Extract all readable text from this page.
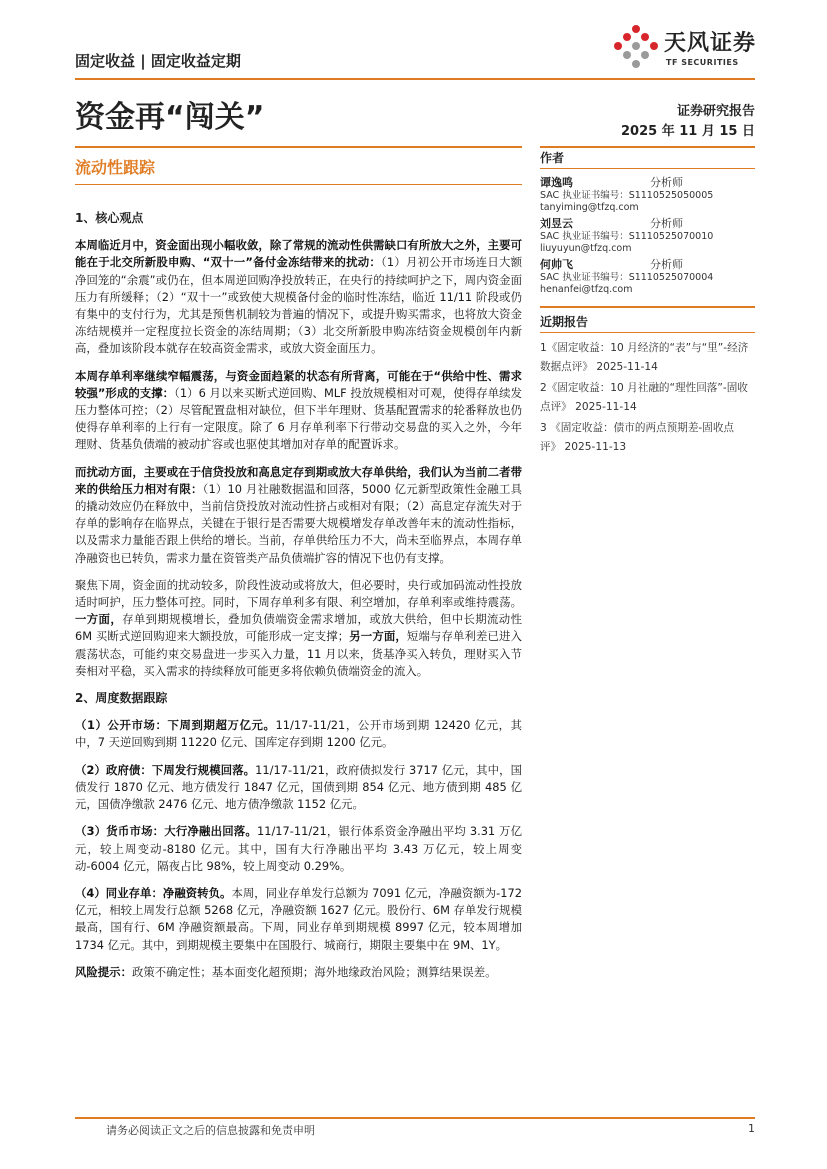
固定收益 | 固定收益定期
天风证券
TF SECURITIES
资金再“闯关”	证券研究报告
2025 年 11 月 15 日
流动性跟踪
1、核心观点

本周临近月中，资金面出现小幅收敛，除了常规的流动性供需缺口有所放大之外，主要可能在于北交所新股申购、“双十一”备付金冻结带来的扰动：（1）月初公开市场连日大额净回笼的“余震”或仍在，但本周逆回购净投放转正，在央行的持续呵护之下，周内资金面压力有所缓释；（2）“双十一”或致使大规模备付金的临时性冻结，临近 11/11 阶段或仍有集中的支付行为，尤其是预售机制较为普遍的情况下，或提升购买需求，也将放大资金冻结规模并一定程度拉长资金的冻结周期；（3）北交所新股申购冻结资金规模创年内新高，叠加该阶段本就存在较高资金需求，或放大资金面压力。

本周存单利率继续窄幅震荡，与资金面趋紧的状态有所背离，可能在于“供给中性、需求较强”形成的支撑：（1）6 月以来买断式逆回购、MLF 投放规模相对可观，使得存单续发压力整体可控；（2）尽管配置盘相对缺位，但下半年理财、货基配置需求的轮番释放也仍使得存单利率的上行有一定限度。除了 6 月存单利率下行带动交易盘的买入之外，今年理财、货基负债端的被动扩容或也驱使其增加对存单的配置诉求。

而扰动方面，主要或在于信贷投放和高息定存到期或放大存单供给，我们认为当前二者带来的供给压力相对有限：（1）10 月社融数据温和回落，5000 亿元新型政策性金融工具的撬动效应仍在释放中，当前信贷投放对流动性挤占或相对有限；（2）高息定存流失对于存单的影响存在临界点，关键在于银行是否需要大规模增发存单改善年末的流动性指标，以及需求力量能否跟上供给的增长。当前，存单供给压力不大，尚未至临界点，本周存单净融资也已转负，需求力量在资管类产品负债端扩容的情况下也仍有支撑。

聚焦下周，资金面的扰动较多，阶段性波动或将放大，但必要时，央行或加码流动性投放适时呵护，压力整体可控。同时，下周存单利多有限、利空增加，存单利率或维持震荡。一方面，存单到期规模增长，叠加负债端资金需求增加，或放大供给，但中长期流动性 6M 买断式逆回购迎来大额投放，可能形成一定支撑；另一方面，短端与存单利差已进入震荡状态，可能约束交易盘进一步买入力量，11 月以来，货基净买入转负，理财买入节奏相对平稳，买入需求的持续释放可能更多将依赖负债端资金的流入。

2、周度数据跟踪

（1）公开市场：下周到期超万亿元。11/17-11/21，公开市场到期 12420 亿元，其中，7 天逆回购到期 11220 亿元、国库定存到期 1200 亿元。

（2）政府债：下周发行规模回落。11/17-11/21，政府债拟发行 3717 亿元，其中，国债发行 1870 亿元、地方债发行 1847 亿元，国债到期 854 亿元、地方债到期 485 亿元，国债净缴款 2476 亿元、地方债净缴款 1152 亿元。

（3）货币市场：大行净融出回落。11/17-11/21，银行体系资金净融出平均 3.31 万亿元，较上周变动-8180 亿元。其中，国有大行净融出平均 3.43 万亿元，较上周变动-6004 亿元，隔夜占比 98%，较上周变动 0.29%。

（4）同业存单：净融资转负。本周，同业存单发行总额为 7091 亿元，净融资额为-172 亿元，相较上周发行总额 5268 亿元，净融资额 1627 亿元。股份行、6M 存单发行规模最高，国有行、6M 净融资额最高。下周，同业存单到期规模 8997 亿元，较本周增加 1734 亿元。其中，到期规模主要集中在国股行、城商行，期限主要集中在 9M、1Y。

风险提示：政策不确定性；基本面变化超预期；海外地缘政治风险；测算结果误差。

作者
谭逸鸣	分析师
SAC 执业证书编号：S1110525050005
tanyiming@tfzq.com
刘昱云	分析师
SAC 执业证书编号：S1110525070010
liuyuyun@tfzq.com
何帅飞	分析师
SAC 执业证书编号：S1110525070004
henanfei@tfzq.com
近期报告
1《固定收益：10 月经济的“表”与“里”-经济数据点评》 2025-11-14
2《固定收益：10 月社融的“理性回落”-固收点评》 2025-11-14
3 《固定收益：债市的两点预期差-固收点评》 2025-11-13
请务必阅读正文之后的信息披露和免责申明	1
